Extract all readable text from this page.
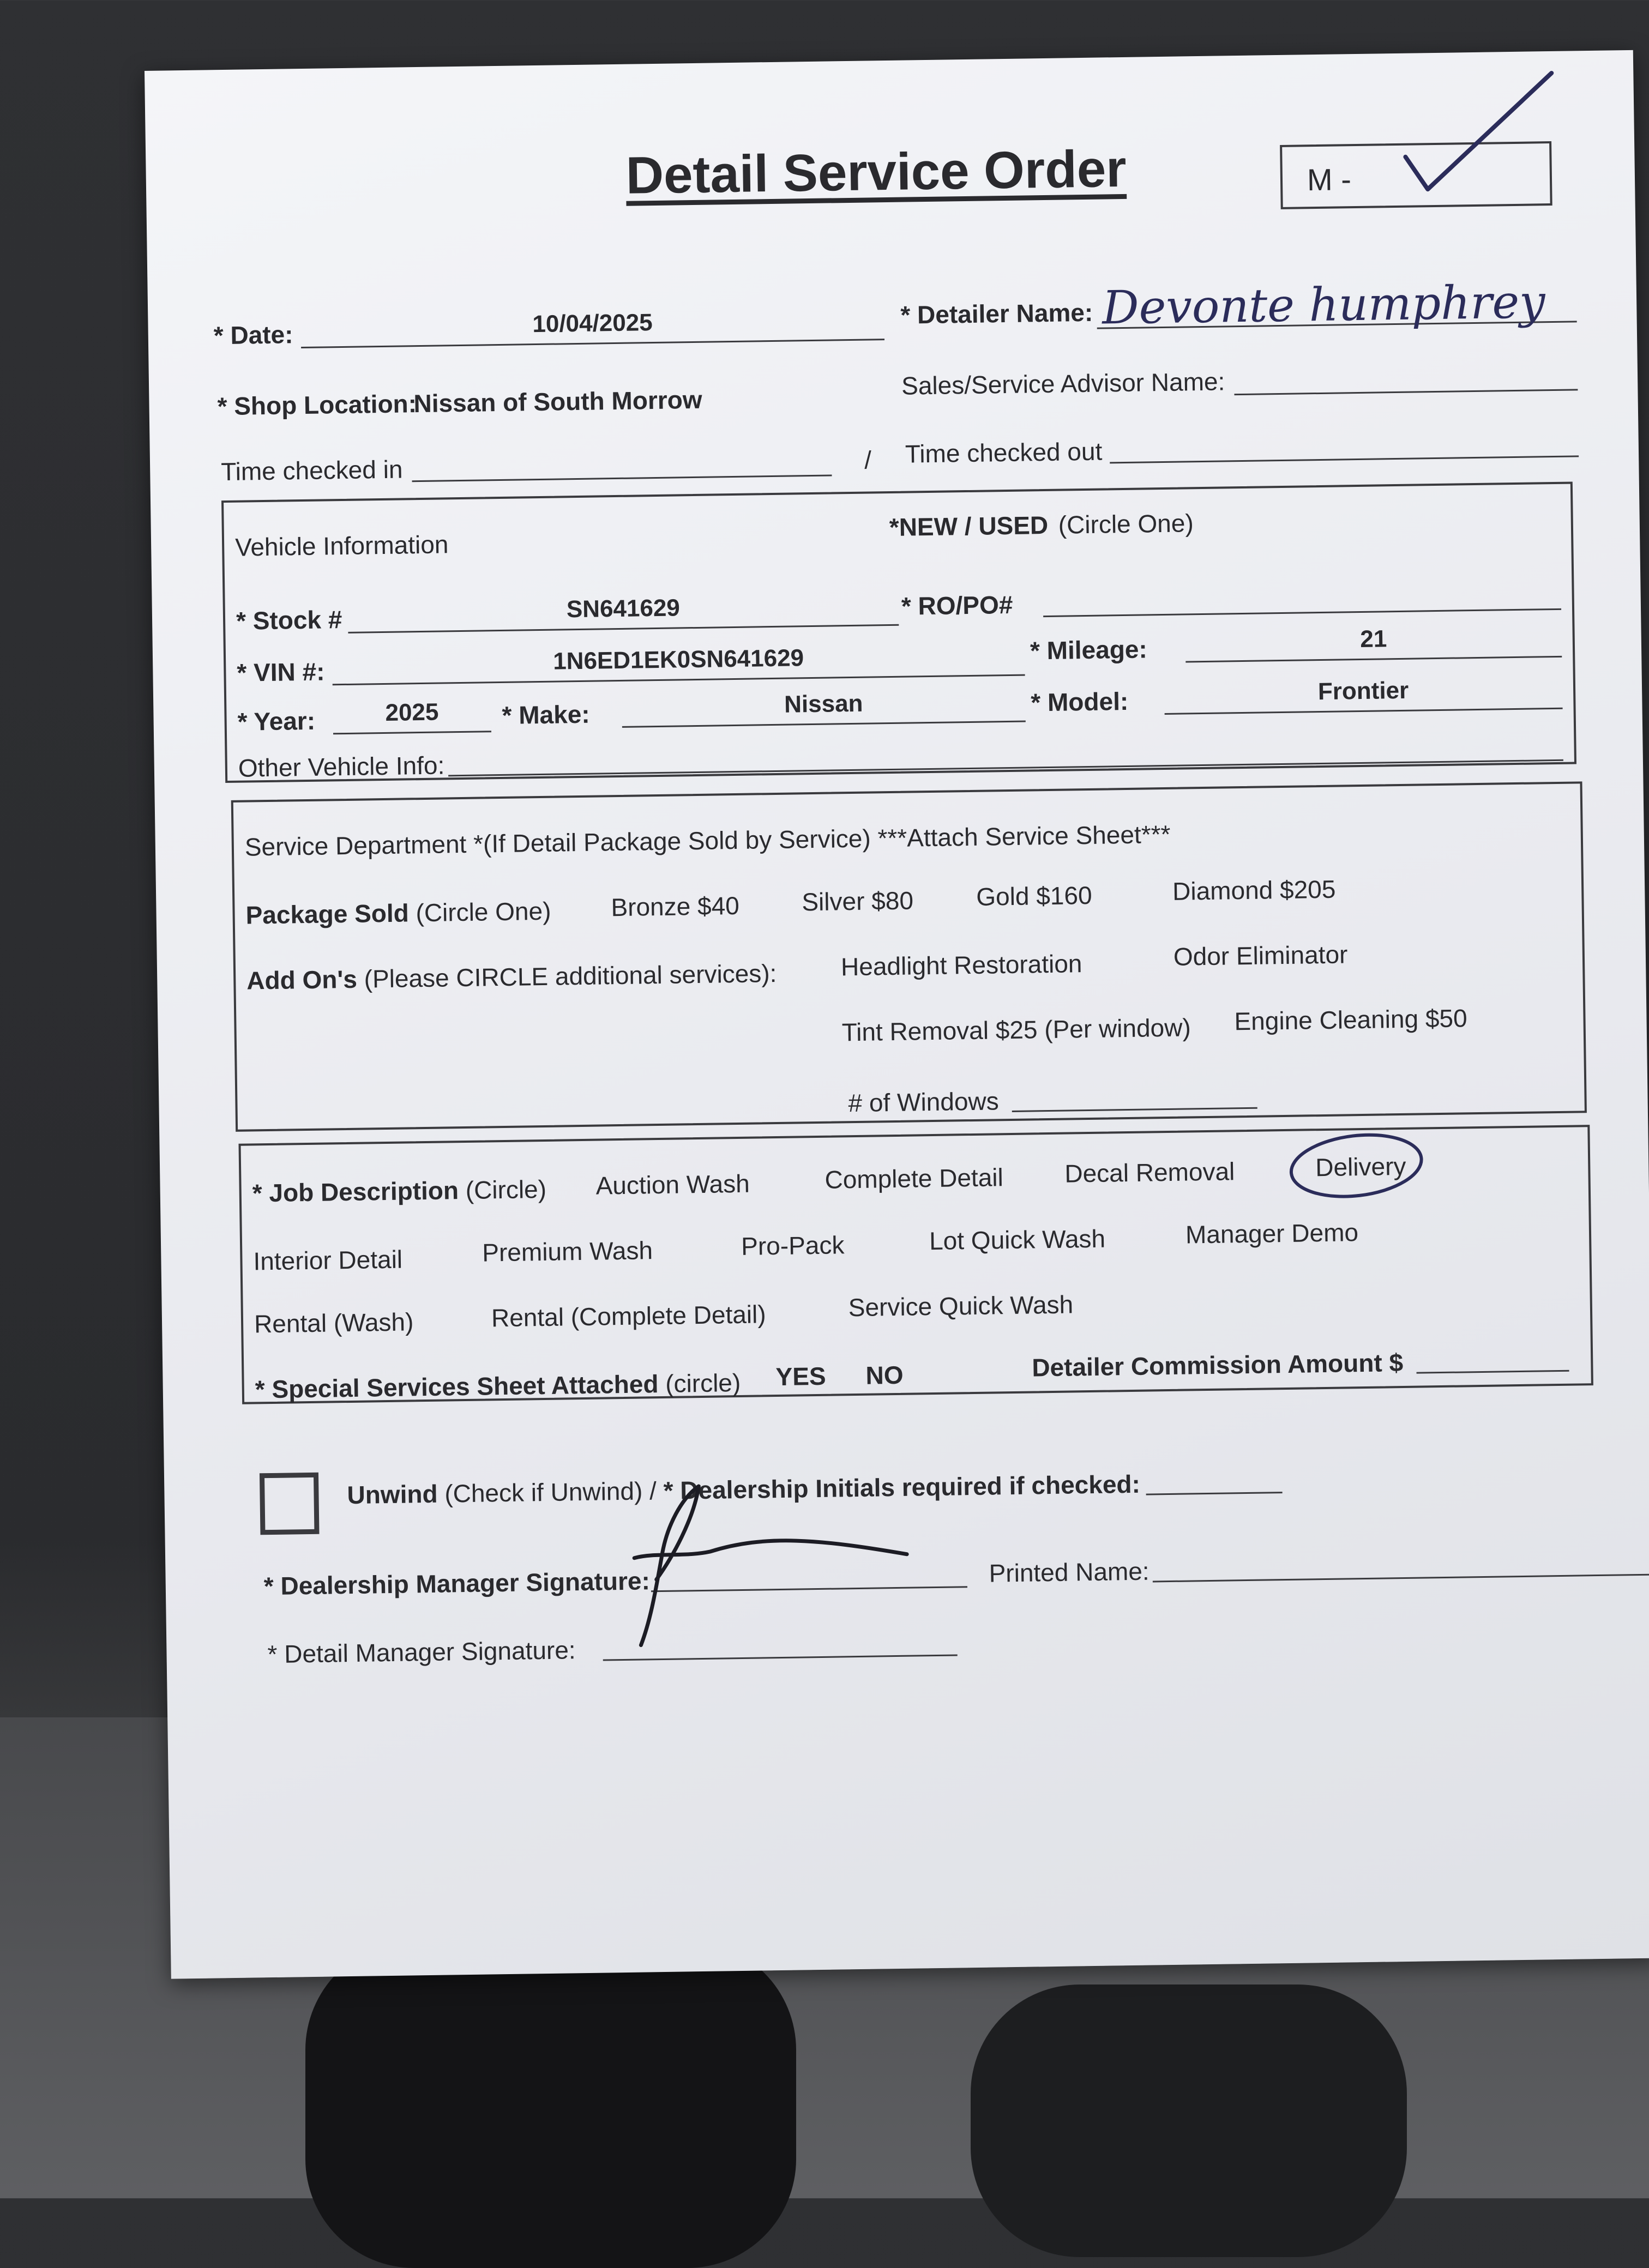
Detail Service Order	M -
* Date:	10/04/2025	* Detailer Name: Devonte humphrey
* Shop Location:
Nissan of South Morrow
Sales/Service Advisor Name:
Time checked in	/ Time checked out
Vehicle Information
*NEW / USED (Circle One)
* Stock #	SN641629	* RO/PO#
* VIN #:	1N6ED1EK0SN641629	* Mileage:	21
* Year:	2025	* Make:	Nissan	* Model:	Frontier
Other Vehicle Info:
Service Department *(If Detail Package Sold by Service) ***Attach Service Sheet***
Package Sold (Circle One) Bronze $40 Silver $80 Gold $160	Diamond $205
Add On's (Please CIRCLE additional services):	Headlight Restoration	Odor Eliminator
Tint Removal $25 (Per window) Engine Cleaning $50
# of Windows
* Job Description (Circle) Auction Wash	Complete Detail Decal Removal	Delivery
Interior Detail	Premium Wash	Pro-Pack	Lot Quick Wash	Manager Demo
Rental (Wash)	Rental (Complete Detail)	Service Quick Wash
* Special Services Sheet Attached (circle) YES NO	Detailer Commission Amount $
Unwind (Check if Unwind) / * Dealership Initials required if checked:
* Dealership Manager Signature:	Printed Name:
* Detail Manager Signature:
